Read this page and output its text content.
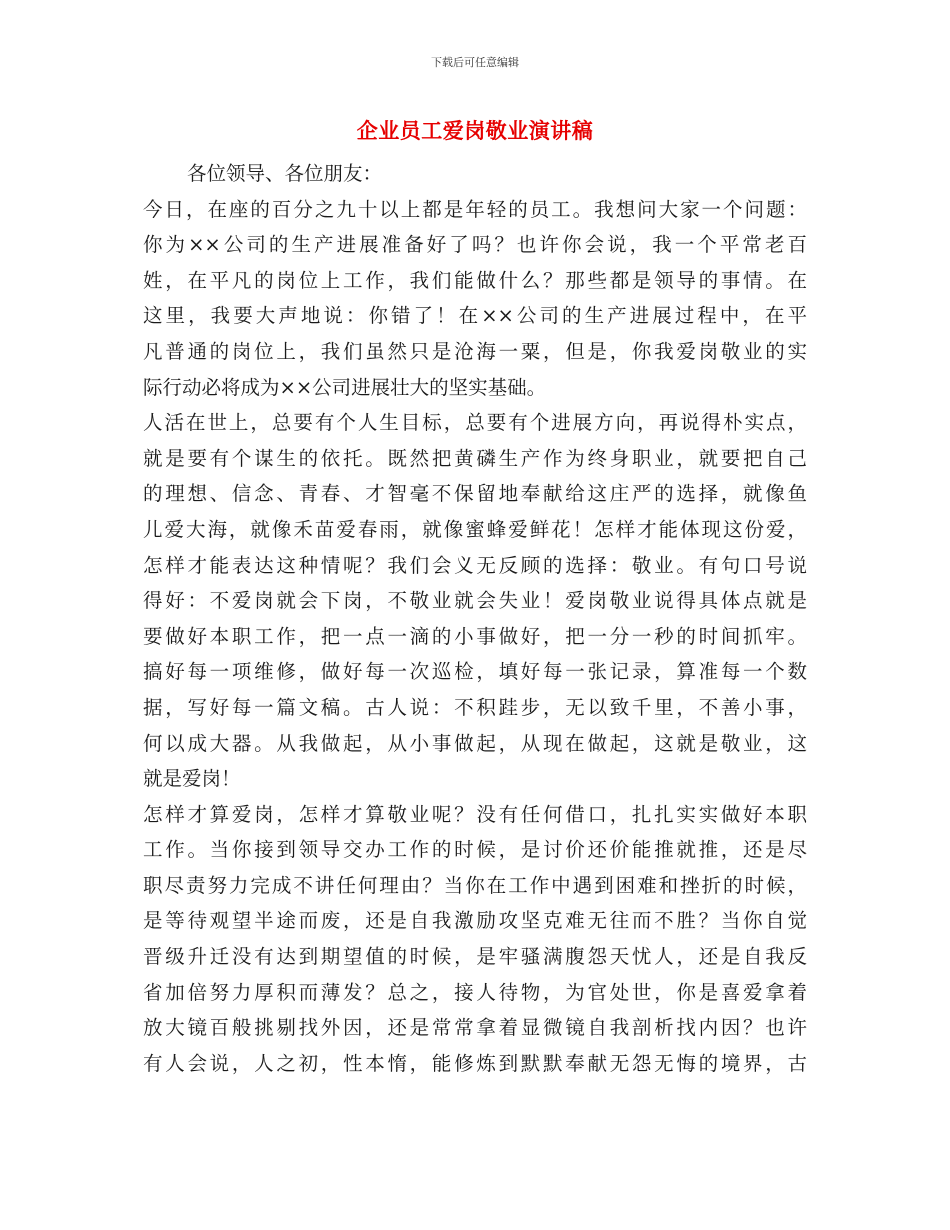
下载后可任意编辑
企业员工爱岗敬业演讲稿
各位领导、各位朋友：
今日，在座的百分之九十以上都是年轻的员工。我想问大家一个问题：
你为××公司的生产进展准备好了吗？也许你会说，我一个平常老百
姓，在平凡的岗位上工作，我们能做什么？那些都是领导的事情。在
这里，我要大声地说：你错了！在××公司的生产进展过程中，在平
凡普通的岗位上，我们虽然只是沧海一粟，但是，你我爱岗敬业的实
际行动必将成为××公司进展壮大的坚实基础。
人活在世上，总要有个人生目标，总要有个进展方向，再说得朴实点，
就是要有个谋生的依托。既然把黄磷生产作为终身职业，就要把自己
的理想、信念、青春、才智毫不保留地奉献给这庄严的选择，就像鱼
儿爱大海，就像禾苗爱春雨，就像蜜蜂爱鲜花！怎样才能体现这份爱，
怎样才能表达这种情呢？我们会义无反顾的选择：敬业。有句口号说
得好：不爱岗就会下岗，不敬业就会失业！爱岗敬业说得具体点就是
要做好本职工作，把一点一滴的小事做好，把一分一秒的时间抓牢。
搞好每一项维修，做好每一次巡检，填好每一张记录，算准每一个数
据，写好每一篇文稿。古人说：不积跬步，无以致千里，不善小事，
何以成大器。从我做起，从小事做起，从现在做起，这就是敬业，这
就是爱岗！
怎样才算爱岗，怎样才算敬业呢？没有任何借口，扎扎实实做好本职
工作。当你接到领导交办工作的时候，是讨价还价能推就推，还是尽
职尽责努力完成不讲任何理由？当你在工作中遇到困难和挫折的时候，
是等待观望半途而废，还是自我激励攻坚克难无往而不胜？当你自觉
晋级升迁没有达到期望值的时候，是牢骚满腹怨天忧人，还是自我反
省加倍努力厚积而薄发？总之，接人待物，为官处世，你是喜爱拿着
放大镜百般挑剔找外因，还是常常拿着显微镜自我剖析找内因？也许
有人会说，人之初，性本惰，能修炼到默默奉献无怨无悔的境界，古
